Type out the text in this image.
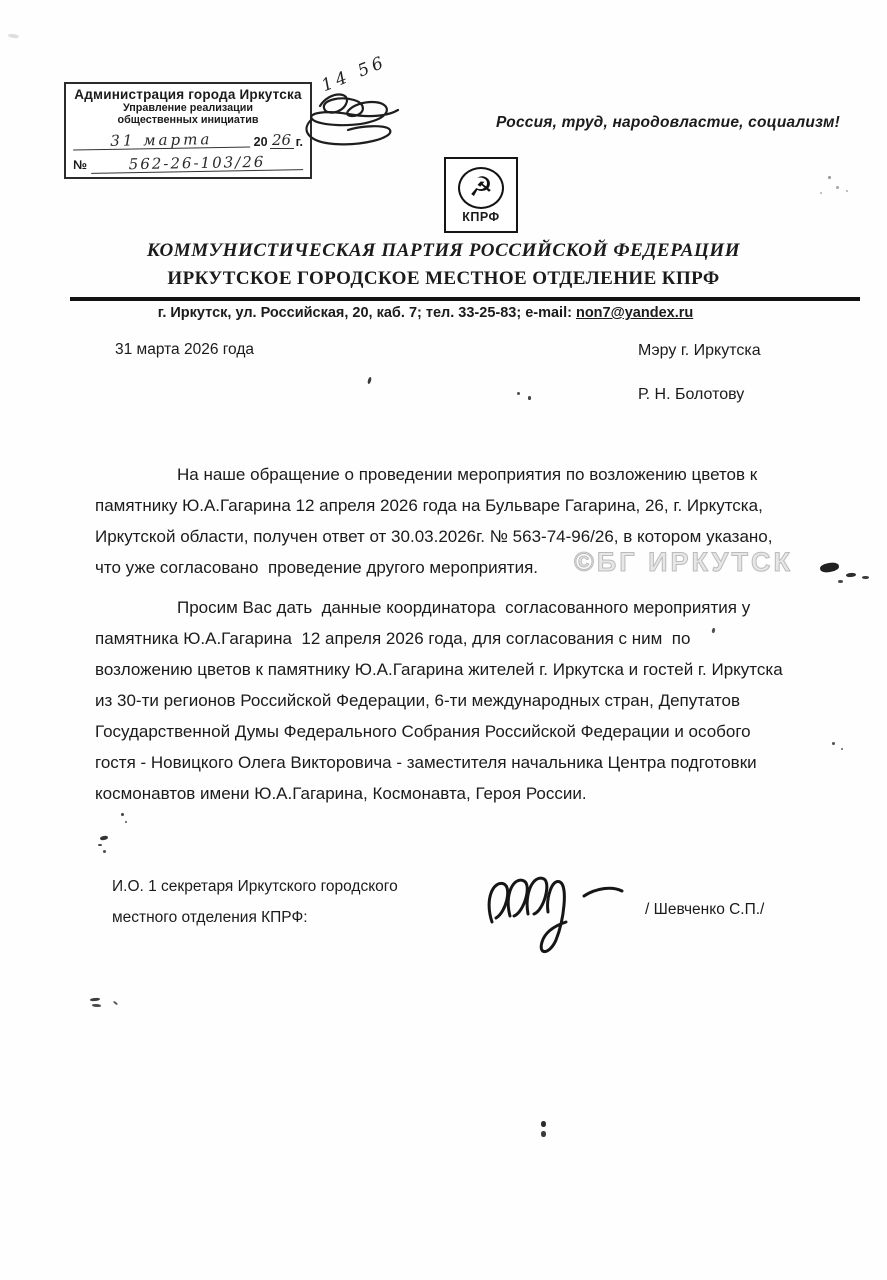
Администрация города Иркутска
Управление реализации
общественных инициатив
31 марта	20 26 г.
№	562-26-103/26
14 56
Россия, труд, народовластие, социализм!
☭
КПРФ
КОММУНИСТИЧЕСКАЯ ПАРТИЯ РОССИЙСКОЙ ФЕДЕРАЦИИ
ИРКУТСКОЕ ГОРОДСКОЕ МЕСТНОЕ ОТДЕЛЕНИЕ КПРФ
г. Иркутск, ул. Российская, 20, каб. 7; тел. 33-25-83; e-mail: non7@yandex.ru
31 марта 2026 года	Мэру г. Иркутска
Р. Н. Болотову
На наше обращение о проведении мероприятия по возложению цветов к
памятнику Ю.А.Гагарина 12 апреля 2026 года на Бульваре Гагарина, 26, г. Иркутска,
Иркутской области, получен ответ от 30.03.2026г. № 563-74-96/26, в котором указано,
что уже согласовано  проведение другого мероприятия.
Просим Вас дать  данные координатора  согласованного мероприятия у
памятника Ю.А.Гагарина  12 апреля 2026 года, для согласования с ним  по
возложению цветов к памятнику Ю.А.Гагарина жителей г. Иркутска и гостей г. Иркутска
из 30-ти регионов Российской Федерации, 6-ти международных стран, Депутатов
Государственной Думы Федерального Собрания Российской Федерации и особого
гостя - Новицкого Олега Викторовича - заместителя начальника Центра подготовки
космонавтов имени Ю.А.Гагарина, Космонавта, Героя России.
©БГ ИРКУТСК
И.О. 1 секретаря Иркутского городского
местного отделения КПРФ:	/ Шевченко С.П./
